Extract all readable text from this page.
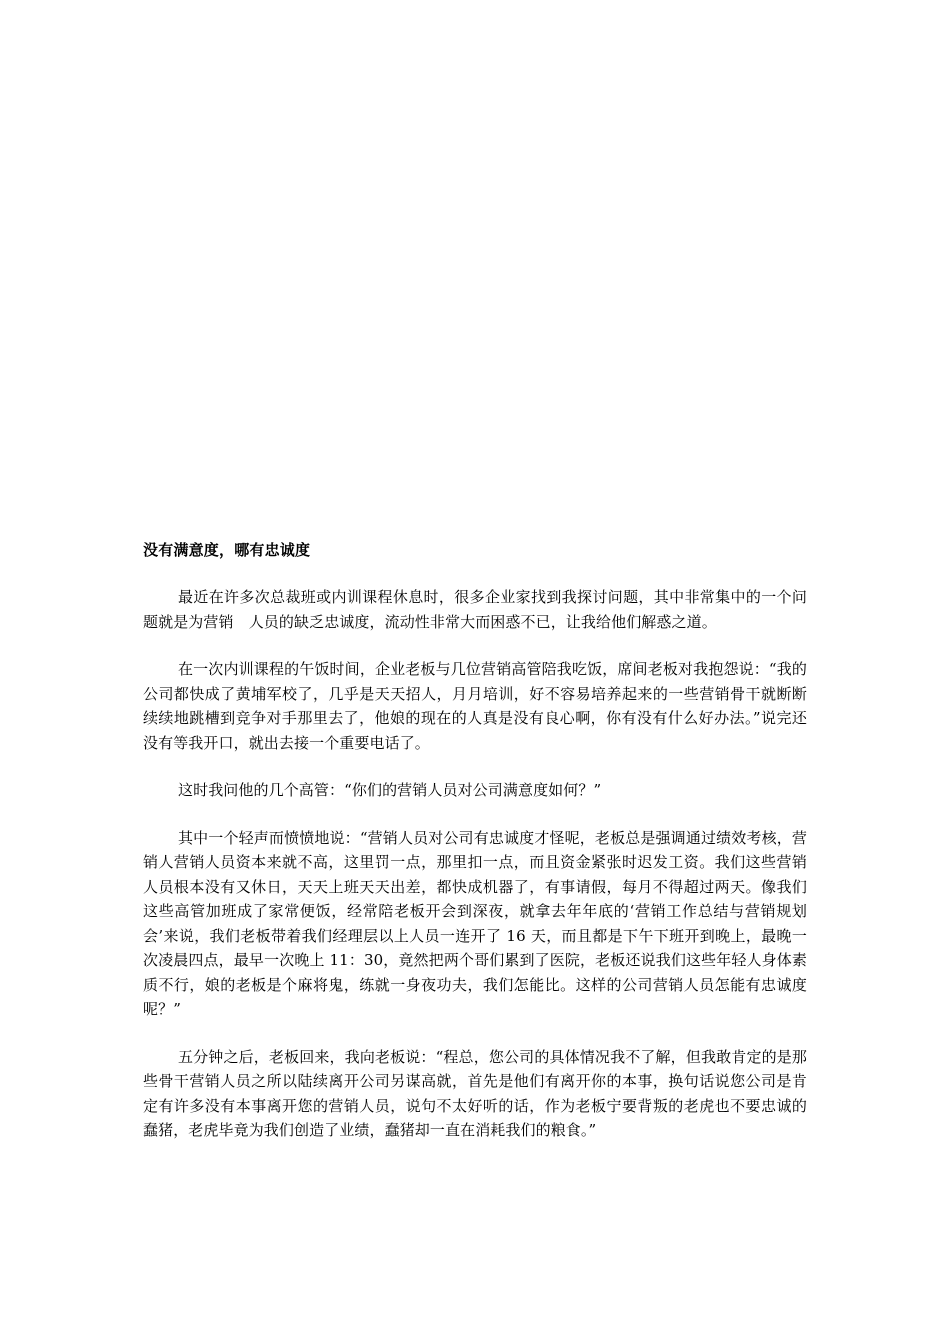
没有满意度，哪有忠诚度

最近在许多次总裁班或内训课程休息时，很多企业家找到我探讨问题，其中非常集中的一个问题就是为营销　人员的缺乏忠诚度，流动性非常大而困惑不已，让我给他们解惑之道。

在一次内训课程的午饭时间，企业老板与几位营销高管陪我吃饭，席间老板对我抱怨说：“我的公司都快成了黄埔军校了，几乎是天天招人，月月培训，好不容易培养起来的一些营销骨干就断断续续地跳槽到竞争对手那里去了，他娘的现在的人真是没有良心啊，你有没有什么好办法。”说完还没有等我开口，就出去接一个重要电话了。

这时我问他的几个高管：“你们的营销人员对公司满意度如何？”

其中一个轻声而愤愤地说：“营销人员对公司有忠诚度才怪呢，老板总是强调通过绩效考核，营销人营销人员资本来就不高，这里罚一点，那里扣一点，而且资金紧张时迟发工资。我们这些营销人员根本没有又休日，天天上班天天出差，都快成机器了，有事请假，每月不得超过两天。像我们这些高管加班成了家常便饭，经常陪老板开会到深夜，就拿去年年底的‘营销工作总结与营销规划会’来说，我们老板带着我们经理层以上人员一连开了 16 天，而且都是下午下班开到晚上，最晚一次凌晨四点，最早一次晚上 11：30，竟然把两个哥们累到了医院，老板还说我们这些年轻人身体素质不行，娘的老板是个麻将鬼，练就一身夜功夫，我们怎能比。这样的公司营销人员怎能有忠诚度呢？”

五分钟之后，老板回来，我向老板说：“程总，您公司的具体情况我不了解，但我敢肯定的是那些骨干营销人员之所以陆续离开公司另谋高就，首先是他们有离开你的本事，换句话说您公司是肯定有许多没有本事离开您的营销人员，说句不太好听的话，作为老板宁要背叛的老虎也不要忠诚的蠢猪，老虎毕竟为我们创造了业绩，蠢猪却一直在消耗我们的粮食。”
